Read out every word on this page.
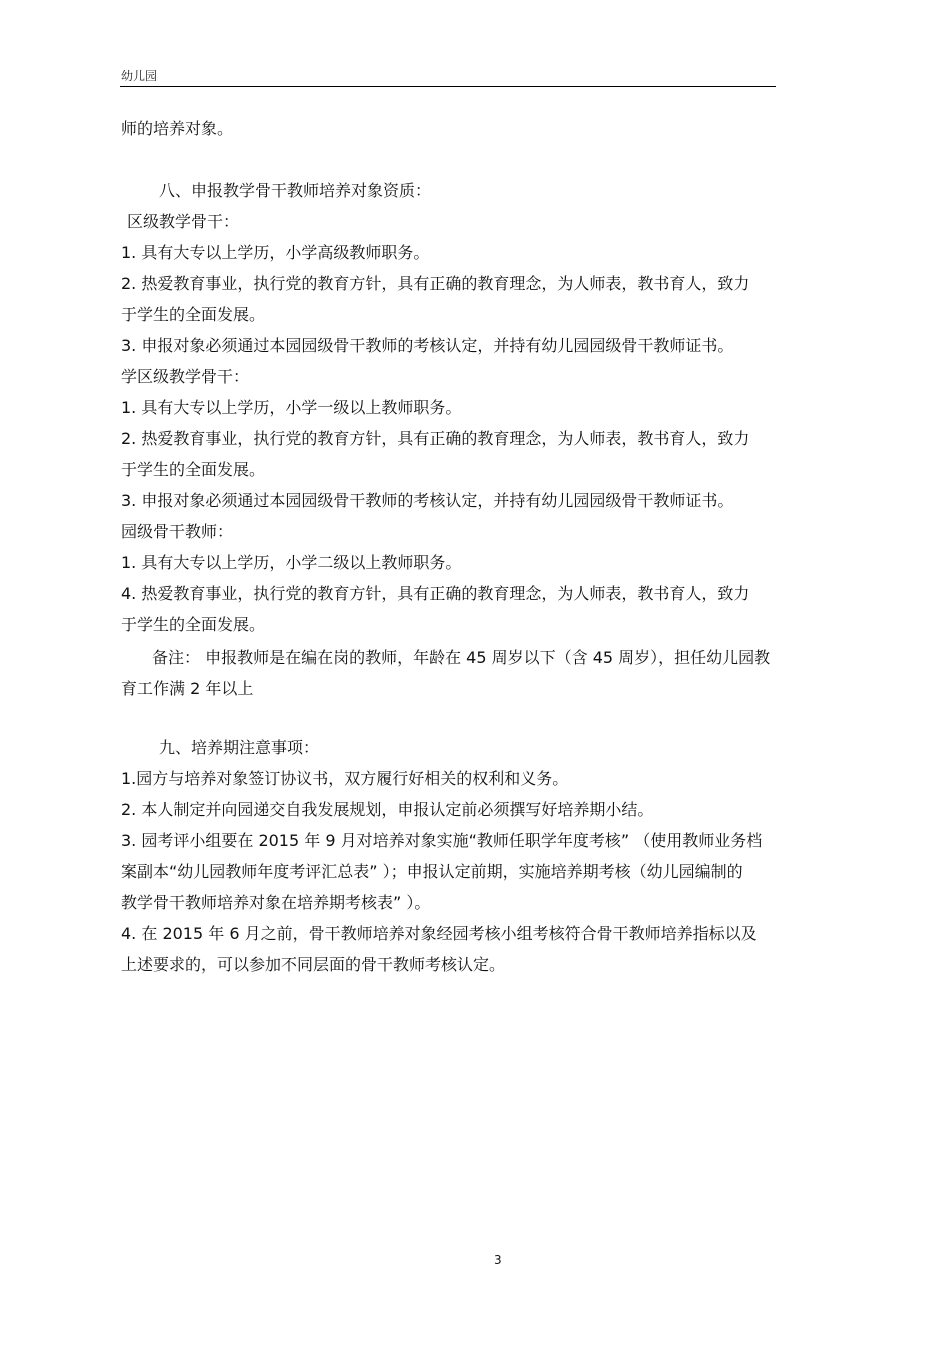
幼儿园
师的培养对象。
八、申报教学骨干教师培养对象资质：
区级教学骨干：
1. 具有大专以上学历，小学高级教师职务。
2. 热爱教育事业，执行党的教育方针，具有正确的教育理念，为人师表，教书育人，致力
于学生的全面发展。
3. 申报对象必须通过本园园级骨干教师的考核认定，并持有幼儿园园级骨干教师证书。
学区级教学骨干：
1. 具有大专以上学历，小学一级以上教师职务。
2. 热爱教育事业，执行党的教育方针，具有正确的教育理念，为人师表，教书育人，致力
于学生的全面发展。
3. 申报对象必须通过本园园级骨干教师的考核认定，并持有幼儿园园级骨干教师证书。
园级骨干教师：
1. 具有大专以上学历，小学二级以上教师职务。
4. 热爱教育事业，执行党的教育方针，具有正确的教育理念，为人师表，教书育人，致力
于学生的全面发展。
备注： 申报教师是在编在岗的教师，年龄在 45 周岁以下（含 45 周岁），担任幼儿园教
育工作满 2 年以上
九、培养期注意事项：
1.园方与培养对象签订协议书，双方履行好相关的权利和义务。
2. 本人制定并向园递交自我发展规划，申报认定前必须撰写好培养期小结。
3. 园考评小组要在 2015 年 9 月对培养对象实施“教师任职学年度考核” （使用教师业务档
案副本“幼儿园教师年度考评汇总表” ）；申报认定前期，实施培养期考核（幼儿园编制的
教学骨干教师培养对象在培养期考核表” ）。
4. 在 2015 年 6 月之前，骨干教师培养对象经园考核小组考核符合骨干教师培养指标以及
上述要求的，可以参加不同层面的骨干教师考核认定。
3
